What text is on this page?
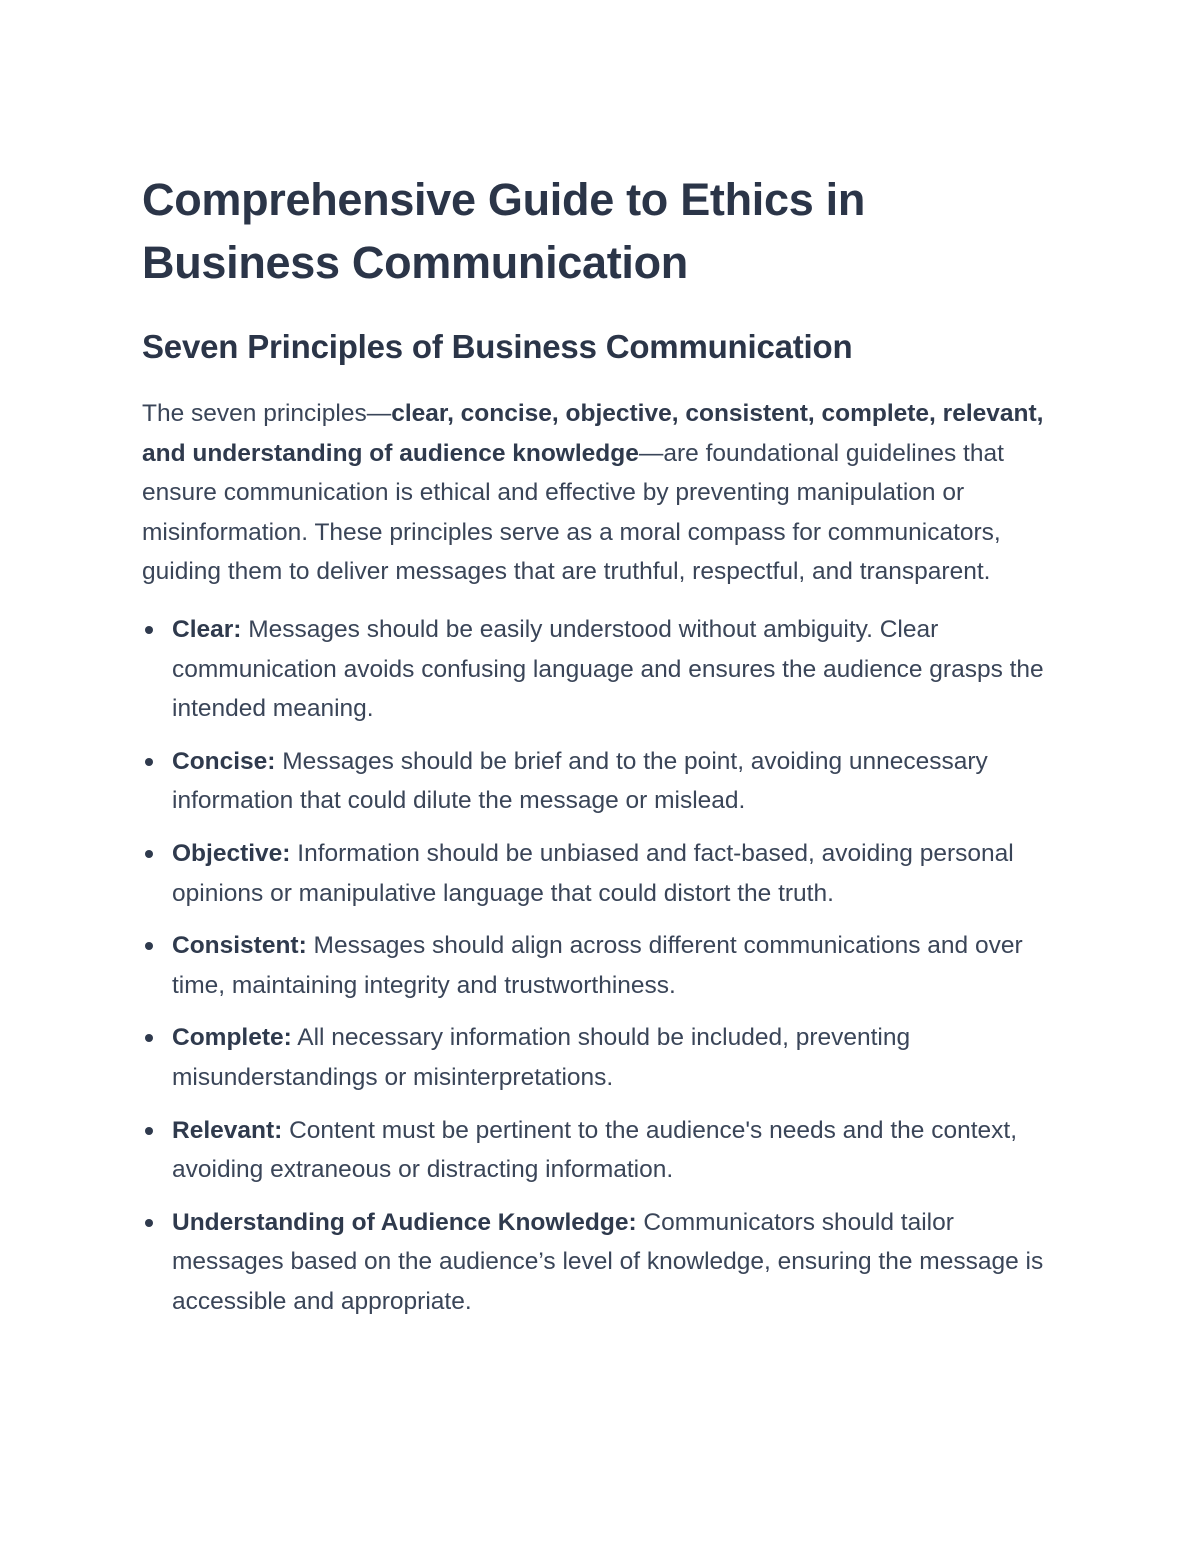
Comprehensive Guide to Ethics in Business Communication
Seven Principles of Business Communication

The seven principles—clear, concise, objective, consistent, complete, relevant, and understanding of audience knowledge—are foundational guidelines that ensure communication is ethical and effective by preventing manipulation or misinformation. These principles serve as a moral compass for communicators, guiding them to deliver messages that are truthful, respectful, and transparent.

Clear: Messages should be easily understood without ambiguity. Clear communication avoids confusing language and ensures the audience grasps the intended meaning.
Concise: Messages should be brief and to the point, avoiding unnecessary information that could dilute the message or mislead.
Objective: Information should be unbiased and fact-based, avoiding personal opinions or manipulative language that could distort the truth.
Consistent: Messages should align across different communications and over time, maintaining integrity and trustworthiness.
Complete: All necessary information should be included, preventing misunderstandings or misinterpretations.
Relevant: Content must be pertinent to the audience's needs and the context, avoiding extraneous or distracting information.
Understanding of Audience Knowledge: Communicators should tailor messages based on the audience’s level of knowledge, ensuring the message is accessible and appropriate.
